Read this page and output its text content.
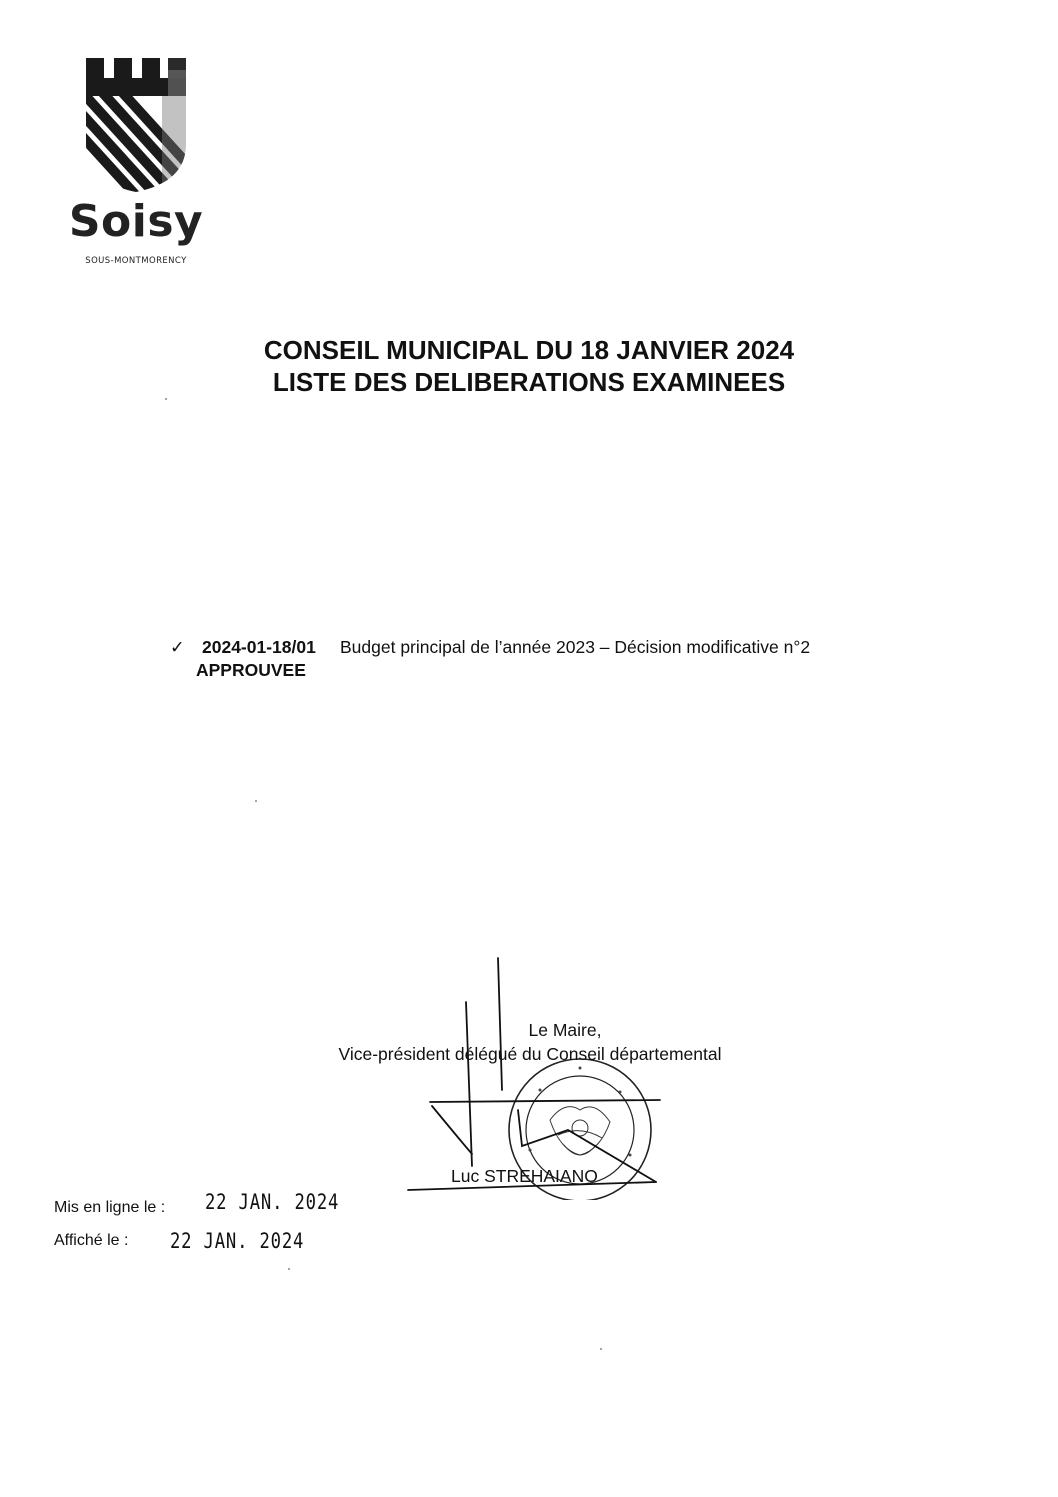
Soisy
SOUS-MONTMORENCY
CONSEIL MUNICIPAL DU 18 JANVIER 2024
LISTE DES DELIBERATIONS EXAMINEES
✓ 2024-01-18/01 Budget principal de l’année 2023 – Décision modificative n°2
APPROUVEE
Le Maire,
Vice-président délégué du Conseil départemental
Luc STREHAIANO
Mis en ligne le : 22 JAN. 2024
Affiché le : 22 JAN. 2024
